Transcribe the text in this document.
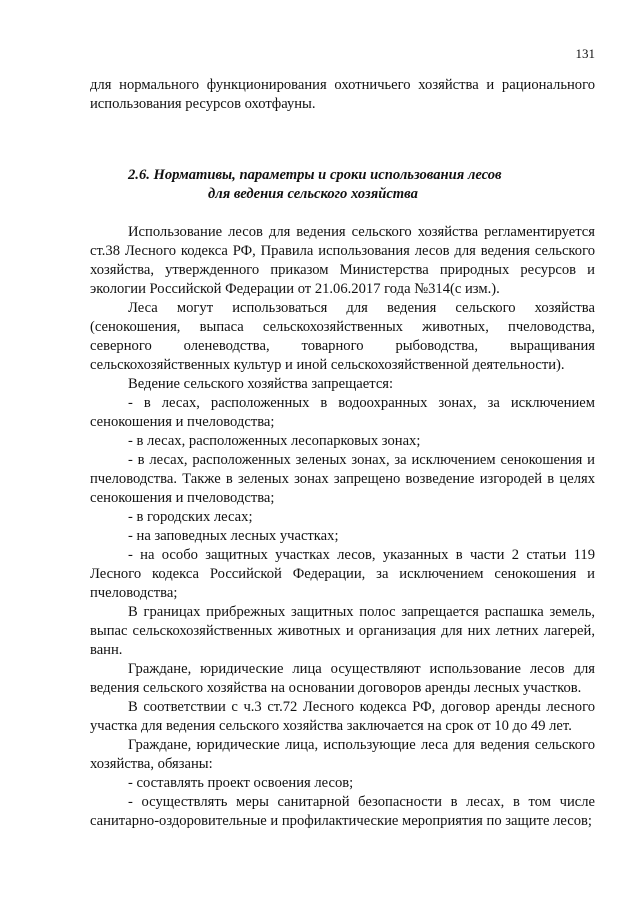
131

для нормального функционирования охотничьего хозяйства и рационального использования ресурсов охотфауны.

2.6. Нормативы, параметры и сроки использования лесов
для ведения сельского хозяйства

Использование лесов для ведения сельского хозяйства регламентируется ст.38 Лесного кодекса РФ, Правила использования лесов для ведения сельского хозяйства, утвержденного приказом Министерства природных ресурсов и экологии Российской Федерации от 21.06.2017 года №314(с изм.).

Леса могут использоваться для ведения сельского хозяйства (сенокошения, выпаса сельскохозяйственных животных, пчеловодства, северного оленеводства, товарного рыбоводства, выращивания сельскохозяйственных культур и иной сельскохозяйственной деятельности).

Ведение сельского хозяйства запрещается:

- в лесах, расположенных в водоохранных зонах, за исключением сенокошения и пчеловодства;

- в лесах, расположенных лесопарковых зонах;

- в лесах, расположенных зеленых зонах, за исключением сенокошения и пчеловодства. Также в зеленых зонах запрещено возведение изгородей в целях сенокошения и пчеловодства;

- в городских лесах;

- на заповедных лесных участках;

- на особо защитных участках лесов, указанных в части 2 статьи 119 Лесного кодекса Российской Федерации, за исключением сенокошения и пчеловодства;

В границах прибрежных защитных полос запрещается распашка земель, выпас сельскохозяйственных животных и организация для них летних лагерей, ванн.

Граждане, юридические лица осуществляют использование лесов для ведения сельского хозяйства на основании договоров аренды лесных участков.

В соответствии с ч.3 ст.72 Лесного кодекса РФ, договор аренды лесного участка для ведения сельского хозяйства заключается на срок от 10 до 49 лет.

Граждане, юридические лица, использующие леса для ведения сельского хозяйства, обязаны:

- составлять проект освоения лесов;

- осуществлять меры санитарной безопасности в лесах, в том числе санитарно-оздоровительные и профилактические мероприятия по защите лесов;
